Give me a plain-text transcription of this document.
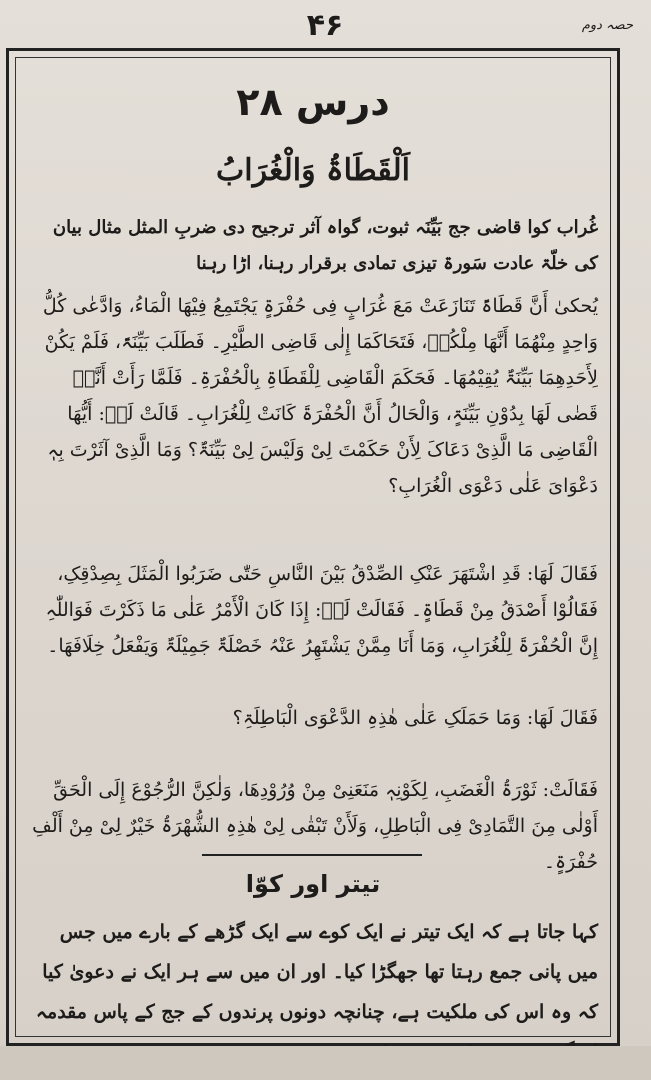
۴۶	حصہ دوم
درس ۲۸
اَلْقَطَاۃُ وَالْغُرَابُ

غُراب کوا قاضی جج بَیِّنَہ ثبوت، گواہ آثر ترجیح دی ضربِ المثل مثال بیان کی خلّۃ عادت سَورۃ تیزی تمادی برقرار رہنا، اڑا رہنا

یُحکیٰ أَنَّ قَطَاۃً تَنَازَعَتْ مَعَ غُرَابٍ فِی حُفْرَۃٍ یَجْتَمِعُ فِیْهَا الْمَاءُ، وَادَّعٰی کُلُّ وَاحِدٍ مِنْهُمَا أَنَّهَا مِلْکُہٗ، فَتَحَاکَمَا إِلٰی قَاضِی الطَّیْرِ۔ فَطَلَبَ بَیِّنَۃً، فَلَمْ یَکُنْ لِأَحَدِهِمَا بَیِّنَۃٌ یُقِیْمُهَا۔ فَحَکَمَ الْقَاضِی لِلْقَطَاۃِ بِالْحُفْرَۃِ۔ فَلَمَّا رَأَتْ أَنَّہٗ قَضٰی لَهَا بِدُوْنِ بَیِّنَۃٍ، وَالْحَالُ أَنَّ الْحُفْرَۃَ کَانَتْ لِلْغُرَابِ۔ قَالَتْ لَہٗ: أَیُّهَا الْقَاضِی مَا الَّذِیْ دَعَاکَ لِأَنْ حَکَمْتَ لِیْ وَلَیْسَ لِیْ بَیِّنَۃٌ؟ وَمَا الَّذِیْ آثَرْتَ بِہٖ دَعْوَایَ عَلٰی دَعْوَی الْغُرَابِ؟

فَقَالَ لَهَا: قَدِ اشْتَهَرَ عَنْکِ الصِّدْقُ بَیْنَ النَّاسِ حَتّٰی ضَرَبُوا الْمَثَلَ بِصِدْقِکِ، فَقَالُوْا أَصْدَقُ مِنْ قَطَاۃٍ۔ فَقَالَتْ لَہٗ: إِذَا کَانَ الْأَمْرُ عَلٰی مَا ذَکَرْتَ فَوَاللّٰہِ إِنَّ الْحُفْرَۃَ لِلْغُرَابِ، وَمَا أَنَا مِمَّنْ یَشْتَهِرُ عَنْہُ خَصْلَۃٌ جَمِیْلَۃٌ وَیَفْعَلُ خِلَافَهَا۔

فَقَالَ لَهَا: وَمَا حَمَلَکِ عَلٰی هٰذِہِ الدَّعْوَی الْبَاطِلَۃِ؟

فَقَالَتْ: ثَوْرَۃُ الْغَضَبِ، لِکَوْنِہٖ مَنَعَنِیْ مِنْ وُرُوْدِهَا، وَلٰکِنَّ الرُّجُوْعَ إِلَی الْحَقِّ أَوْلٰی مِنَ التَّمَادِیْ فِی الْبَاطِلِ، وَلَأَنْ تَبْقٰی لِیْ هٰذِہِ الشُّهْرَۃُ خَیْرٌ لِیْ مِنْ أَلْفِ حُفْرَۃٍ۔

تیتر اور کوّا

کہا جاتا ہے کہ ایک تیتر نے ایک کوے سے ایک گڑھے کے بارے میں جس میں پانی جمع رہتا تھا جھگڑا کیا۔ اور ان میں سے ہر ایک نے دعویٰ کیا کہ وہ اس کی ملکیت ہے، چنانچہ دونوں پرندوں کے جج کے پاس مقدمہ
